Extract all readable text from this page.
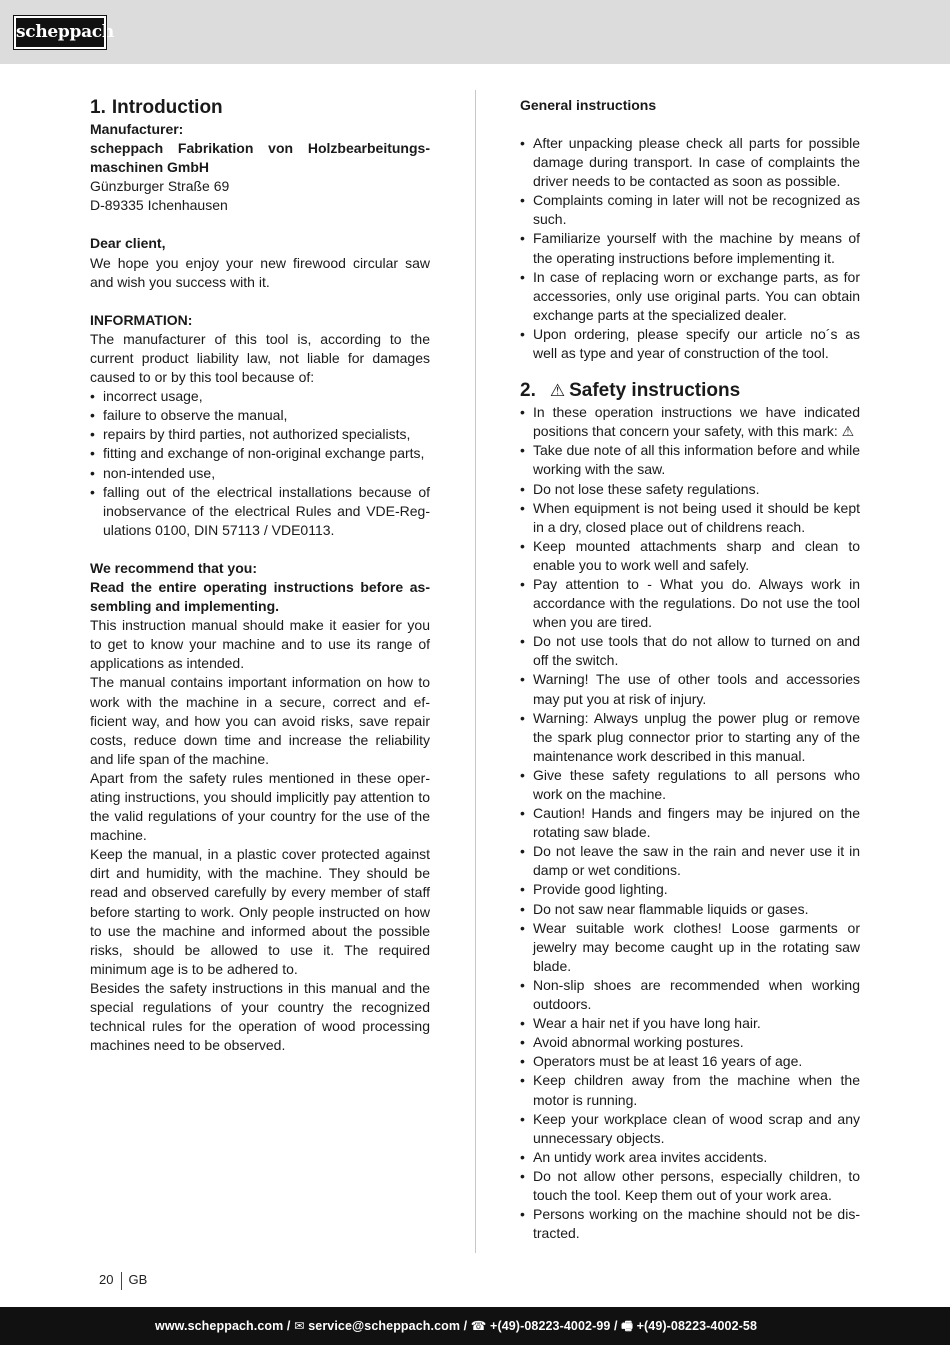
scheppach
1. Introduction

Manufacturer:

scheppach Fabrikation von Holzbearbeitungsmaschinen GmbH

Günzburger Straße 69

D-89335 Ichenhausen

Dear client,

We hope you enjoy your new firewood circular saw and wish you success with it.

INFORMATION:

The manufacturer of this tool is, according to the current product liability law, not liable for damages caused to or by this tool because of:

• incorrect usage,
• failure to observe the manual,
• repairs by third parties, not authorized specialists,
• fitting and exchange of non-original exchange parts,
• non-intended use,
• falling out of the electrical installations because of inobservance of the electrical Rules and VDE-Regulations 0100, DIN 57113 / VDE0113.

We recommend that you:

Read the entire operating instructions before assembling and implementing.

This instruction manual should make it easier for you to get to know your machine and to use its range of applications as intended.

The manual contains important information on how to work with the machine in a secure, correct and efficient way, and how you can avoid risks, save repair costs, reduce down time and increase the reliability and life span of the machine.

Apart from the safety rules mentioned in these operating instructions, you should implicitly pay attention to the valid regulations of your country for the use of the machine.

Keep the manual, in a plastic cover protected against dirt and humidity, with the machine. They should be read and observed carefully by every member of staff before starting to work. Only people instructed on how to use the machine and informed about the possible risks, should be allowed to use it. The required minimum age is to be adhered to.

Besides the safety instructions in this manual and the special regulations of your country the recognized technical rules for the operation of wood processing machines need to be observed.

General instructions
• After unpacking please check all parts for possible damage during transport. In case of complaints the driver needs to be contacted as soon as possible.
• Complaints coming in later will not be recognized as such.
• Familiarize yourself with the machine by means of the operating instructions before implementing it.
• In case of replacing worn or exchange parts, as for accessories, only use original parts. You can obtain exchange parts at the specialized dealer.
• Upon ordering, please specify our article no´s as well as type and year of construction of the tool.
2. ⚠ Safety instructions
• In these operation instructions we have indicated positions that concern your safety, with this mark: ⚠
• Take due note of all this information before and while working with the saw.
• Do not lose these safety regulations.
• When equipment is not being used it should be kept in a dry, closed place out of childrens reach.
• Keep mounted attachments sharp and clean to enable you to work well and safely.
• Pay attention to - What you do. Always work in accordance with the regulations. Do not use the tool when you are tired.
• Do not use tools that do not allow to turned on and off the switch.
• Warning! The use of other tools and accessories may put you at risk of injury.
• Warning: Always unplug the power plug or remove the spark plug connector prior to starting any of the maintenance work described in this manual.
• Give these safety regulations to all persons who work on the machine.
• Caution! Hands and fingers may be injured on the rotating saw blade.
• Do not leave the saw in the rain and never use it in damp or wet conditions.
• Provide good lighting.
• Do not saw near flammable liquids or gases.
• Wear suitable work clothes! Loose garments or jewelry may become caught up in the rotating saw blade.
• Non-slip shoes are recommended when working outdoors.
• Wear a hair net if you have long hair.
• Avoid abnormal working postures.
• Operators must be at least 16 years of age.
• Keep children away from the machine when the motor is running.
• Keep your workplace clean of wood scrap and any unnecessary objects.
• An untidy work area invites accidents.
• Do not allow other persons, especially children, to touch the tool. Keep them out of your work area.
• Persons working on the machine should not be distracted.
20 GB
www.scheppach.com / ✉ service@scheppach.com / ☎ +(49)-08223-4002-99 / 🖷 +(49)-08223-4002-58
